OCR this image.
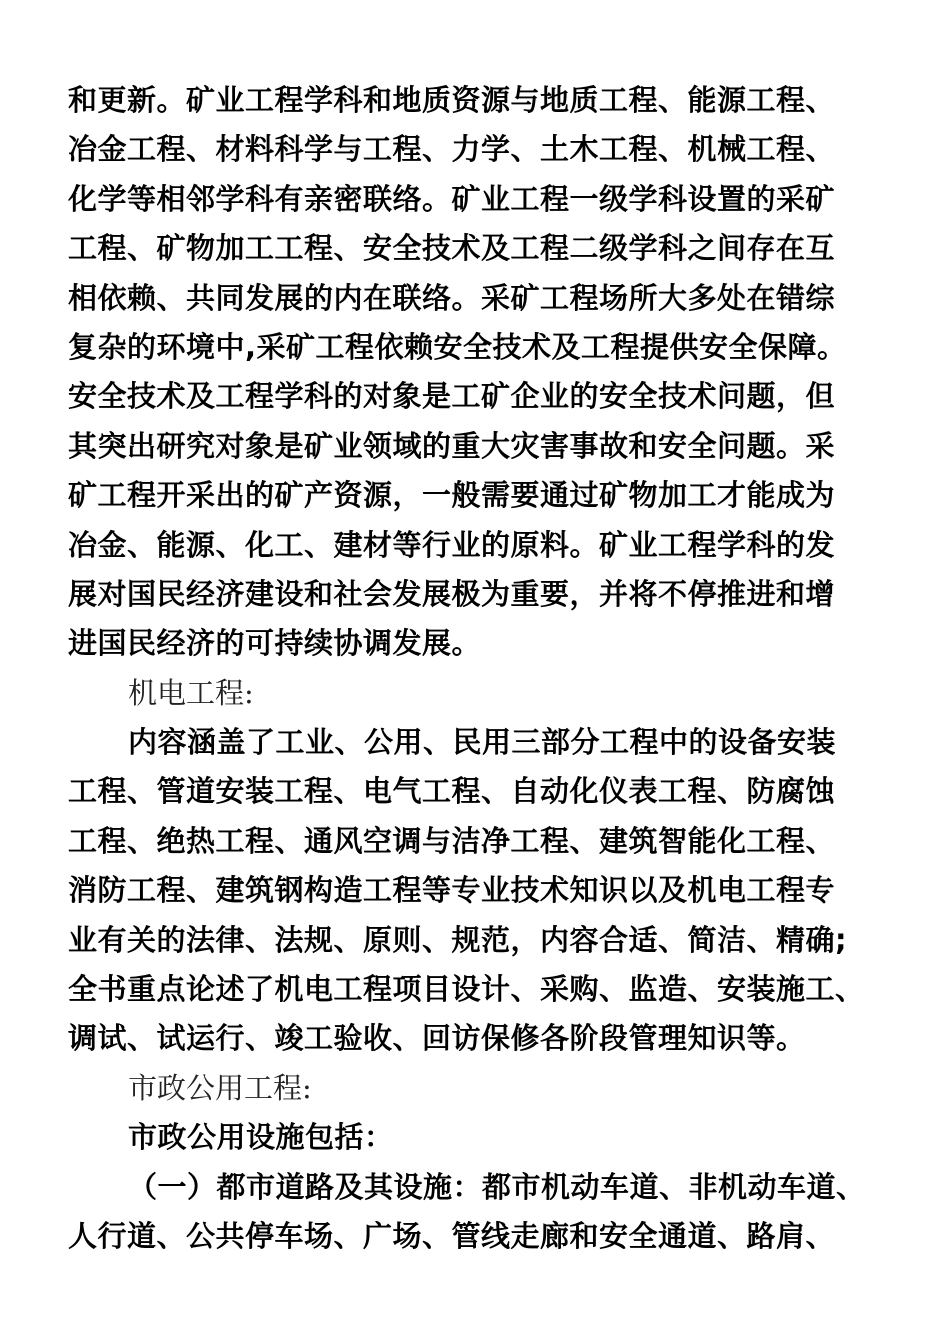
和更新。矿业工程学科和地质资源与地质工程、能源工程、
冶金工程、材料科学与工程、力学、土木工程、机械工程、
化学等相邻学科有亲密联络。矿业工程一级学科设置的采矿
工程、矿物加工工程、安全技术及工程二级学科之间存在互
相依赖、共同发展的内在联络。采矿工程场所大多处在错综
复杂的环境中,采矿工程依赖安全技术及工程提供安全保障。
安全技术及工程学科的对象是工矿企业的安全技术问题，但
其突出研究对象是矿业领域的重大灾害事故和安全问题。采
矿工程开采出的矿产资源，一般需要通过矿物加工才能成为
冶金、能源、化工、建材等行业的原料。矿业工程学科的发
展对国民经济建设和社会发展极为重要，并将不停推进和增
进国民经济的可持续协调发展。
机电工程:
内容涵盖了工业、公用、民用三部分工程中的设备安装
工程、管道安装工程、电气工程、自动化仪表工程、防腐蚀
工程、绝热工程、通风空调与洁净工程、建筑智能化工程、
消防工程、建筑钢构造工程等专业技术知识以及机电工程专
业有关的法律、法规、原则、规范，内容合适、简洁、精确;
全书重点论述了机电工程项目设计、采购、监造、安装施工、
调试、试运行、竣工验收、回访保修各阶段管理知识等。
市政公用工程:
市政公用设施包括：
（一）都市道路及其设施：都市机动车道、非机动车道、
人行道、公共停车场、广场、管线走廊和安全通道、路肩、
